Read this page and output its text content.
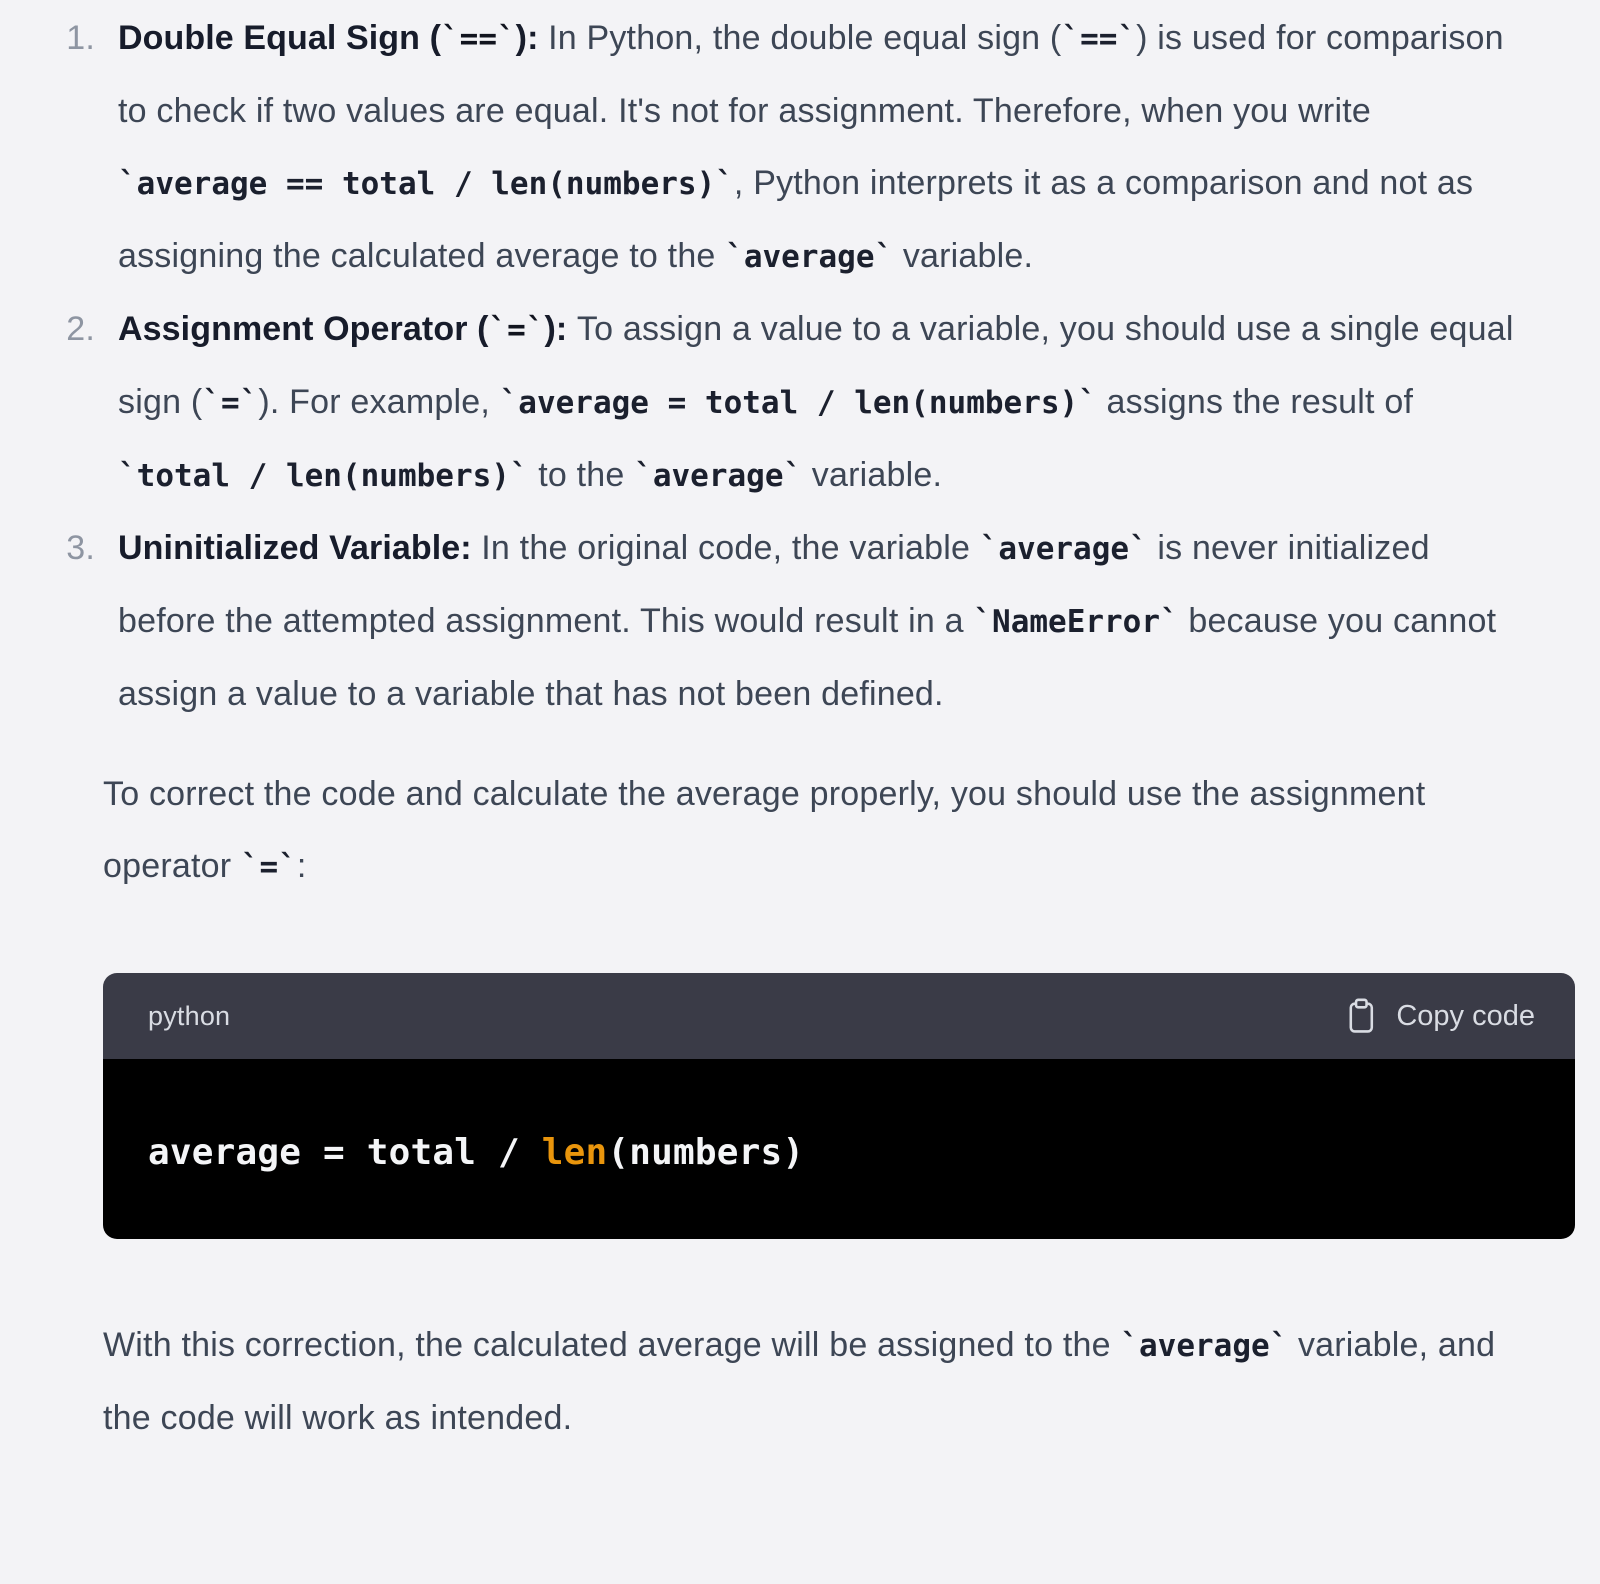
1. Double Equal Sign (`==`): In Python, the double equal sign (`==`) is used for comparison to check if two values are equal. It's not for assignment. Therefore, when you write `average == total / len(numbers)`, Python interprets it as a comparison and not as assigning the calculated average to the `average` variable.
2. Assignment Operator (`=`): To assign a value to a variable, you should use a single equal sign (`=`). For example, `average = total / len(numbers)` assigns the result of `total / len(numbers)` to the `average` variable.
3. Uninitialized Variable: In the original code, the variable `average` is never initialized before the attempted assignment. This would result in a `NameError` because you cannot assign a value to a variable that has not been defined.

To correct the code and calculate the average properly, you should use the assignment operator `=`:

python	Copy code
average = total / len(numbers)

With this correction, the calculated average will be assigned to the `average` variable, and the code will work as intended.
